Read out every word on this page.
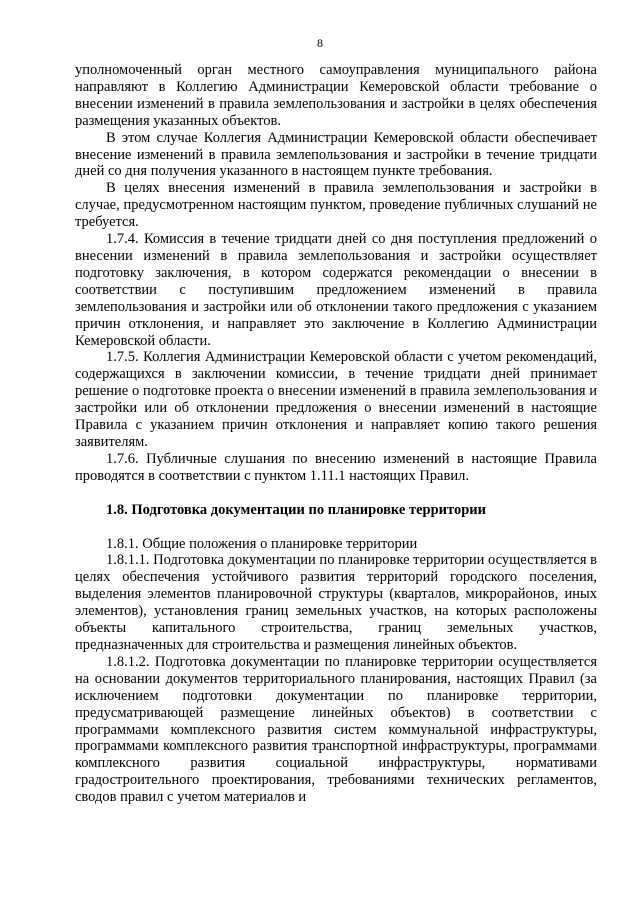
8

уполномоченный орган местного самоуправления муниципального района направляют в Коллегию Администрации Кемеровской области требование о внесении изменений в правила землепользования и застройки в целях обеспечения размещения указанных объектов.

В этом случае Коллегия Администрации Кемеровской области обеспечивает внесение изменений в правила землепользования и застройки в течение тридцати дней со дня получения указанного в настоящем пункте требования.

В целях внесения изменений в правила землепользования и застройки в случае, предусмотренном настоящим пунктом, проведение публичных слушаний не требуется.

1.7.4. Комиссия в течение тридцати дней со дня поступления предложений о внесении изменений в правила землепользования и застройки осуществляет подготовку заключения, в котором содержатся рекомендации о внесении в соответствии с поступившим предложением изменений в правила землепользования и застройки или об отклонении такого предложения с указанием причин отклонения, и направляет это заключение в Коллегию Администрации Кемеровской области.

1.7.5. Коллегия Администрации Кемеровской области с учетом рекомендаций, содержащихся в заключении комиссии, в течение тридцати дней принимает решение о подготовке проекта о внесении изменений в правила землепользования и застройки или об отклонении предложения о внесении изменений в настоящие Правила с указанием причин отклонения и направляет копию такого решения заявителям.

1.7.6. Публичные слушания по внесению изменений в настоящие Правила проводятся в соответствии с пунктом 1.11.1 настоящих Правил.

1.8. Подготовка документации по планировке территории

1.8.1. Общие положения о планировке территории

1.8.1.1. Подготовка документации по планировке территории осуществляется в целях обеспечения устойчивого развития территорий городского поселения, выделения элементов планировочной структуры (кварталов, микрорайонов, иных элементов), установления границ земельных участков, на которых расположены объекты капитального строительства, границ земельных участков, предназначенных для строительства и размещения линейных объектов.

1.8.1.2. Подготовка документации по планировке территории осуществляется на основании документов территориального планирования, настоящих Правил (за исключением подготовки документации по планировке территории, предусматривающей размещение линейных объектов) в соответствии с программами комплексного развития систем коммунальной инфраструктуры, программами комплексного развития транспортной инфраструктуры, программами комплексного развития социальной инфраструктуры, нормативами градостроительного проектирования, требованиями технических регламентов, сводов правил с учетом материалов и
